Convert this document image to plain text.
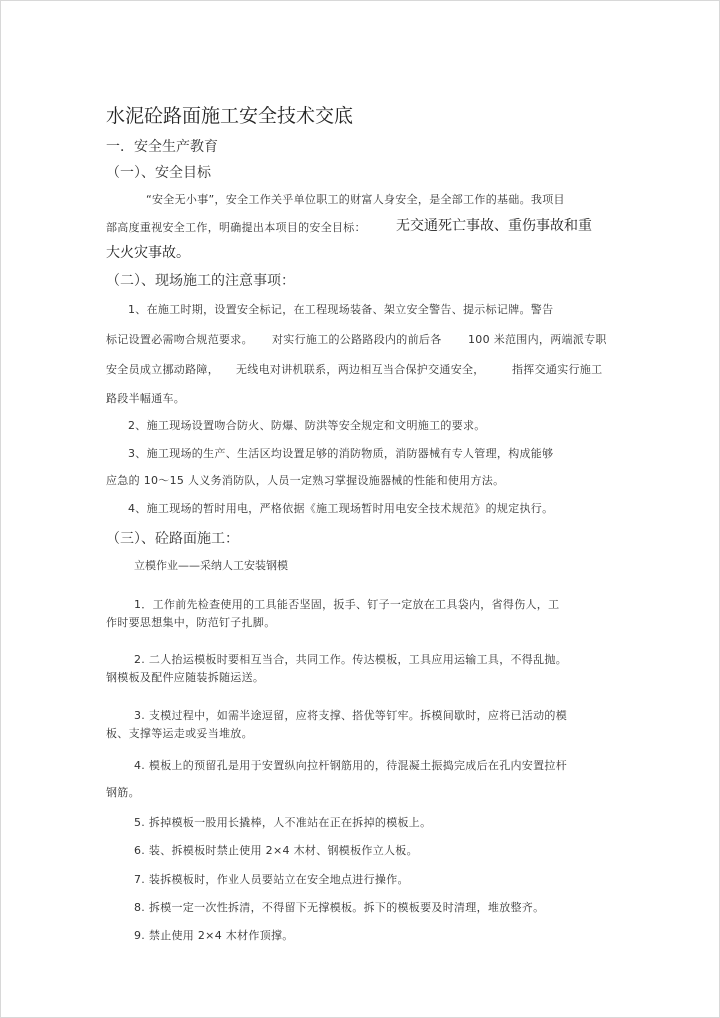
水泥砼路面施工安全技术交底

一．安全生产教育

（一）、安全目标

“安全无小事”，安全工作关乎单位职工的财富人身安全，是全部工作的基础。我项目

部高度重视安全工作，明确提出本项目的安全目标： 无交通死亡事故、重伤事故和重

大火灾事故。

（二）、现场施工的注意事项：

1、在施工时期，设置安全标记，在工程现场装备、架立安全警告、提示标记牌。警告

标记设置必需吻合规范要求。 对实行施工的公路路段内的前后各 100 米范围内，两端派专职

安全员成立挪动路障， 无线电对讲机联系，两边相互当合保护交通安全， 指挥交通实行施工

路段半幅通车。

2、施工现场设置吻合防火、防爆、防洪等安全规定和文明施工的要求。

3、施工现场的生产、生活区均设置足够的消防物质，消防器械有专人管理，构成能够

应急的 10～15 人义务消防队，人员一定熟习掌握设施器械的性能和使用方法。

4、施工现场的暂时用电，严格依据《施工现场暂时用电安全技术规范》的规定执行。

（三）、砼路面施工：

立模作业——采纳人工安装钢模

1．工作前先检查使用的工具能否坚固，扳手、钉子一定放在工具袋内，省得伤人，工

作时要思想集中，防范钉子扎脚。

2. 二人抬运模板时要相互当合，共同工作。传达模板，工具应用运输工具，不得乱抛。

钢模板及配件应随装拆随运送。

3. 支模过程中，如需半途逗留，应将支撑、搭优等钉牢。拆模间歇时，应将已活动的模

板、支撑等运走或妥当堆放。

4. 模板上的预留孔是用于安置纵向拉杆钢筋用的，待混凝土振捣完成后在孔内安置拉杆

钢筋。

5. 拆掉模板一股用长撬棒，人不准站在正在拆掉的模板上。

6. 装、拆模板时禁止使用 2×4 木材、钢模板作立人板。

7. 装拆模板时，作业人员要站立在安全地点进行操作。

8. 拆模一定一次性拆清，不得留下无撑模板。拆下的模板要及时清理，堆放整齐。

9. 禁止使用 2×4 木材作顶撑。
